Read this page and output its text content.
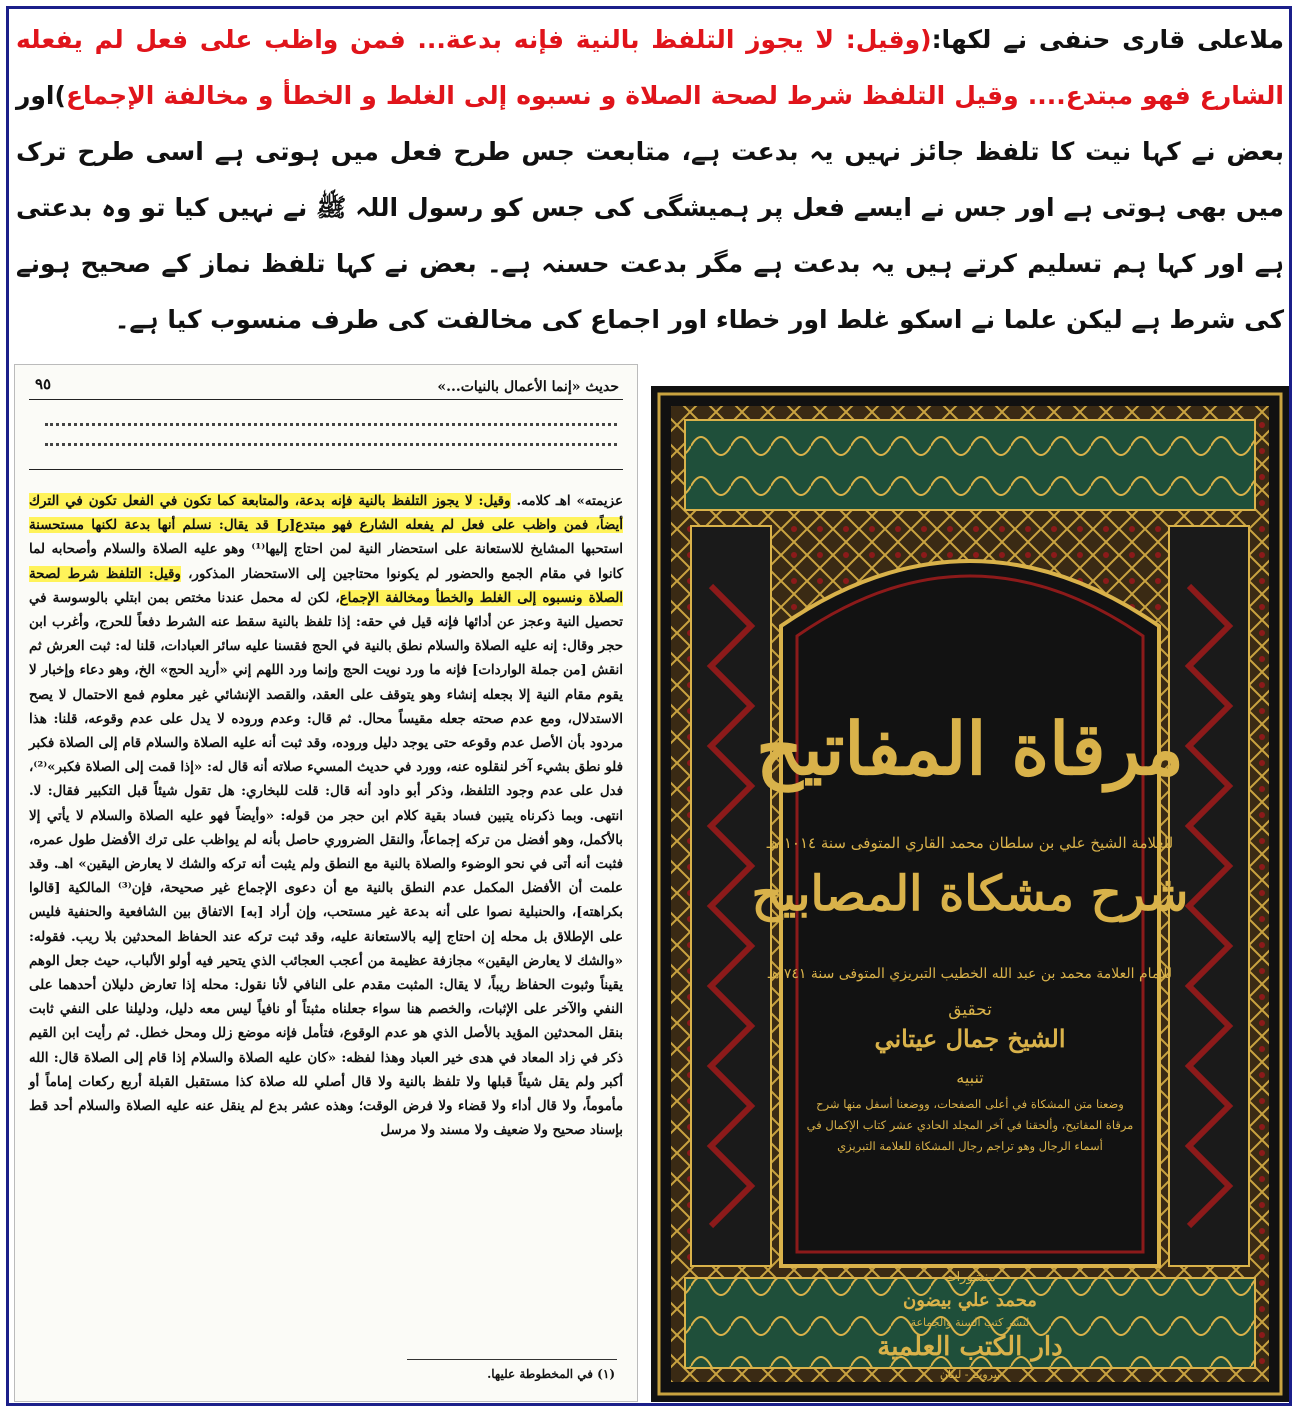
ملاعلی قاری حنفی نے لکھا:(وقیل: لا يجوز التلفظ بالنية فإنه بدعة... فمن واظب على فعل لم يفعله الشارع فهو مبتدع.... وقيل التلفظ شرط لصحة الصلاة و نسبوه إلى الغلط و الخطأ و مخالفة الإجماع)اور بعض نے کہا نیت کا تلفظ جائز نہیں یہ بدعت ہے، متابعت جس طرح فعل میں ہوتی ہے اسی طرح ترک میں بھی ہوتی ہے اور جس نے ایسے فعل پر ہمیشگی کی جس کو رسول اللہ ﷺ نے نہیں کیا تو وہ بدعتی ہے اور کہا ہم تسلیم کرتے ہیں یہ بدعت ہے مگر بدعت حسنہ ہے۔ بعض نے کہا تلفظ نماز کے صحیح ہونے کی شرط ہے لیکن علما نے اسکو غلط اور خطاء اور اجماع کی مخالفت کی طرف منسوب کیا ہے۔

٩٥	حديث «إنما الأعمال بالنيات...»

عزيمته» اهـ كلامه. وقيل: لا يجوز التلفظ بالنية فإنه بدعة، والمتابعة كما تكون في الفعل تكون في الترك أيضاً، فمن واظب على فعل لم يفعله الشارع فهو مبتدع[ر] قد يقال: نسلم أنها بدعة لكنها مستحسنة استحبها المشايخ للاستعانة على استحضار النية لمن احتاج إليها⁽¹⁾ وهو عليه الصلاة والسلام وأصحابه لما كانوا في مقام الجمع والحضور لم يكونوا محتاجين إلى الاستحضار المذكور، وقيل: التلفظ شرط لصحة الصلاة ونسبوه إلى الغلط والخطأ ومخالفة الإجماع، لكن له محمل عندنا مختص بمن ابتلي بالوسوسة في تحصيل النية وعجز عن أدائها فإنه قيل في حقه: إذا تلفظ بالنية سقط عنه الشرط دفعاً للحرج، وأغرب ابن حجر وقال: إنه عليه الصلاة والسلام نطق بالنية في الحج فقسنا عليه سائر العبادات، قلنا له: ثبت العرش ثم انقش [من جملة الواردات] فإنه ما ورد نويت الحج وإنما ورد اللهم إني «أريد الحج» الخ، وهو دعاء وإخبار لا يقوم مقام النية إلا بجعله إنشاء وهو يتوقف على العقد، والقصد الإنشائي غير معلوم فمع الاحتمال لا يصح الاستدلال، ومع عدم صحته جعله مقيساً محال. ثم قال: وعدم وروده لا يدل على عدم وقوعه، قلنا: هذا مردود بأن الأصل عدم وقوعه حتى يوجد دليل وروده، وقد ثبت أنه عليه الصلاة والسلام قام إلى الصلاة فكبر فلو نطق بشيء آخر لنقلوه عنه، وورد في حديث المسيء صلاته أنه قال له: «إذا قمت إلى الصلاة فكبر»⁽²⁾، فدل على عدم وجود التلفظ، وذكر أبو داود أنه قال: قلت للبخاري: هل تقول شيئاً قبل التكبير فقال: لا. انتهى. وبما ذكرناه يتبين فساد بقية كلام ابن حجر من قوله: «وأيضاً فهو عليه الصلاة والسلام لا يأتي إلا بالأكمل، وهو أفضل من تركه إجماعاً، والنقل الضروري حاصل بأنه لم يواظب على ترك الأفضل طول عمره، فثبت أنه أتى في نحو الوضوء والصلاة بالنية مع النطق ولم يثبت أنه تركه والشك لا يعارض اليقين» اهـ. وقد علمت أن الأفضل المكمل عدم النطق بالنية مع أن دعوى الإجماع غير صحيحة، فإن⁽³⁾ المالكية [قالوا بكراهته]، والحنبلية نصوا على أنه بدعة غير مستحب، وإن أراد [به] الاتفاق بين الشافعية والحنفية فليس على الإطلاق بل محله إن احتاج إليه بالاستعانة عليه، وقد ثبت تركه عند الحفاظ المحدثين بلا ريب. فقوله: «والشك لا يعارض اليقين» مجازفة عظيمة من أعجب العجائب الذي يتحير فيه أولو الألباب، حيث جعل الوهم يقيناً وثبوت الحفاظ ريباً، لا يقال: المثبت مقدم على النافي لأنا نقول: محله إذا تعارض دليلان أحدهما على النفي والآخر على الإثبات، والخصم هنا سواء جعلناه مثبتاً أو نافياً ليس معه دليل، ودليلنا على النفي ثابت بنقل المحدثين المؤيد بالأصل الذي هو عدم الوقوع، فتأمل فإنه موضع زلل ومحل خطل. ثم رأيت ابن القيم ذكر في زاد المعاد في هدى خير العباد وهذا لفظه: «كان عليه الصلاة والسلام إذا قام إلى الصلاة قال: الله أكبر ولم يقل شيئاً قبلها ولا تلفظ بالنية ولا قال أصلي لله صلاة كذا مستقبل القبلة أربع ركعات إماماً أو مأموماً، ولا قال أداء ولا قضاء ولا فرض الوقت؛ وهذه عشر بدع لم ينقل عنه عليه الصلاة والسلام أحد قط بإسناد صحيح ولا ضعيف ولا مسند ولا مرسل

(١) في المخطوطة عليها.
مرقاة المفاتيح
للعلامة الشيخ علي بن سلطان محمد القاري المتوفى سنة ١٠١٤ هـ
شرح مشكاة المصابيح
للإمام العلامة محمد بن عبد الله الخطيب التبريزي المتوفى سنة ٧٤١ هـ
تحقيق
الشيخ جمال عيتاني
تنبيه
وضعنا متن المشكاة في أعلى الصفحات، ووضعنا أسفل منها شرح مرقاة المفاتيح، وألحقنا في آخر المجلد الحادي عشر كتاب الإكمال في أسماء الرجال وهو تراجم رجال المشكاة للعلامة التبريزي
منشورات
محمد علي بيضون
لنشر كتب السنة والجماعة
دار الكتب العلمية
بيروت - لبنان
